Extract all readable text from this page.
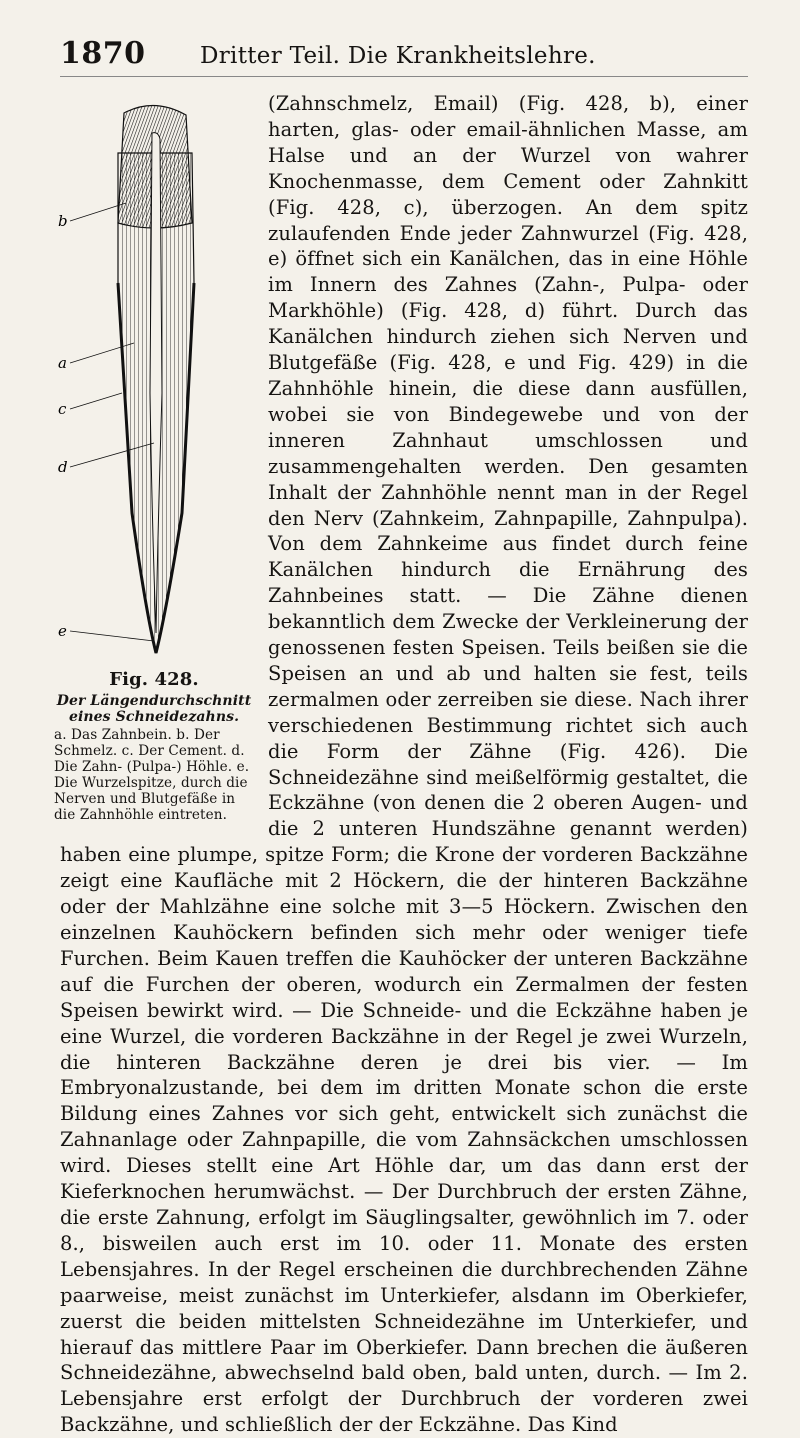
1870	Dritter Teil. Die Krankheitslehre.
b
a
c
d
e
Fig. 428.
Der Längendurchschnitt eines Schneidezahns.
a. Das Zahnbein. b. Der Schmelz. c. Der Cement. d. Die Zahn- (Pulpa-) Höhle. e. Die Wurzelspitze, durch die Nerven und Blutgefäße in die Zahnhöhle eintreten.

(Zahnschmelz, Email) (Fig. 428, b), einer harten, glas- oder email-ähnlichen Masse, am Halse und an der Wurzel von wahrer Knochenmasse, dem Cement oder Zahnkitt (Fig. 428, c), überzogen. An dem spitz zulaufenden Ende jeder Zahnwurzel (Fig. 428, e) öffnet sich ein Kanälchen, das in eine Höhle im Innern des Zahnes (Zahn-, Pulpa- oder Markhöhle) (Fig. 428, d) führt. Durch das Kanälchen hindurch ziehen sich Nerven und Blutgefäße (Fig. 428, e und Fig. 429) in die Zahnhöhle hinein, die diese dann ausfüllen, wobei sie von Bindegewebe und von der inneren Zahnhaut umschlossen und zusammengehalten werden. Den gesamten Inhalt der Zahnhöhle nennt man in der Regel den Nerv (Zahnkeim, Zahnpapille, Zahnpulpa). Von dem Zahnkeime aus findet durch feine Kanälchen hindurch die Ernährung des Zahnbeines statt. — Die Zähne dienen bekanntlich dem Zwecke der Verkleinerung der genossenen festen Speisen. Teils beißen sie die Speisen an und ab und halten sie fest, teils zermalmen oder zerreiben sie diese. Nach ihrer verschiedenen Bestimmung richtet sich auch die Form der Zähne (Fig. 426). Die Schneidezähne sind meißelförmig gestaltet, die Eckzähne (von denen die 2 oberen Augen- und die 2 unteren Hundszähne genannt werden) haben eine plumpe, spitze Form; die Krone der vorderen Backzähne zeigt eine Kaufläche mit 2 Höckern, die der hinteren Backzähne oder der Mahlzähne eine solche mit 3—5 Höckern. Zwischen den einzelnen Kauhöckern befinden sich mehr oder weniger tiefe Furchen. Beim Kauen treffen die Kauhöcker der unteren Backzähne auf die Furchen der oberen, wodurch ein Zermalmen der festen Speisen bewirkt wird. — Die Schneide- und die Eckzähne haben je eine Wurzel, die vorderen Backzähne in der Regel je zwei Wurzeln, die hinteren Backzähne deren je drei bis vier. — Im Embryonalzustande, bei dem im dritten Monate schon die erste Bildung eines Zahnes vor sich geht, entwickelt sich zunächst die Zahnanlage oder Zahnpapille, die vom Zahnsäckchen umschlossen wird. Dieses stellt eine Art Höhle dar, um das dann erst der Kieferknochen herumwächst. — Der Durchbruch der ersten Zähne, die erste Zahnung, erfolgt im Säuglingsalter, gewöhnlich im 7. oder 8., bisweilen auch erst im 10. oder 11. Monate des ersten Lebensjahres. In der Regel erscheinen die durchbrechenden Zähne paarweise, meist zunächst im Unterkiefer, alsdann im Oberkiefer, zuerst die beiden mittelsten Schneidezähne im Unterkiefer, und hierauf das mittlere Paar im Oberkiefer. Dann brechen die äußeren Schneidezähne, abwechselnd bald oben, bald unten, durch. — Im 2. Lebensjahre erst erfolgt der Durchbruch der vorderen zwei Backzähne, und schließlich der der Eckzähne. Das Kind
